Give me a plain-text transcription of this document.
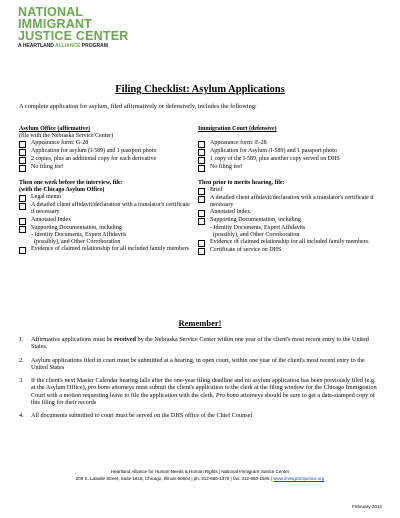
NATIONAL
IMMIGRANT
JUSTICE CENTER
A HEARTLAND ALLIANCE PROGRAM
Filing Checklist: Asylum Applications
A complete application for asylum, filed affirmatively or defensively, includes the following:
Asylum Office (affirmative)
(file with the Nebraska Service Center)
Appearance form: G-28
Application for asylum (I-589) and 1 passport photo
2 copies, plus an additional copy for each derivative
No filing fee!
Then one week before the interview, file:
(with the Chicago Asylum Office)
Legal memo
A detailed client affidavit/declaration with a translator's certificate if necessary
Annotated Index
Supporting Documentation, including
- Identity Documents, Expert Affidavits
(possibly), and Other Corroboration
Evidence of claimed relationship for all included family members
Immigration Court (defensive)
Appearance form: E-28
Application for Asylum (I-589) and 1 passport photo
1 copy of the I-589, plus another copy served on DHS
No filing fee!
Then prior to merits hearing, file:
Brief
A detailed client affidavit/declaration with a translator's certificate if necessary
Annotated Index
Supporting Documentation, including
- Identity Documents, Expert Affidavits
(possibly), and Other Corroboration
Evidence of claimed relationship for all included family members.
Certificate of service on DHS
Remember!
1.	Affirmative applications must be received by the Nebraska Service Center within one year of the client's most recent entry to the United States.
2.	Asylum applications filed in court must be submitted at a hearing, in open court, within one year of the client's most recent entry to the United States
3.	If the client's next Master Calendar hearing falls after the one-year filing deadline and no asylum application has been previously filed (e.g. at the Asylum Office), pro bono attorneys must submit the client's application to the clerk at the filing window for the Chicago Immigration Court with a motion requesting leave to file the application with the clerk. Pro bono attorneys should be sure to get a date-stamped copy of this filing for their records
4.	All documents submitted to court must be served on the DHS office of the Chief Counsel
Heartland Alliance for Human Needs & Human Rights | National Immigrant Justice Center
208 S. LaSalle Street, Suite 1818, Chicago, Illinois 60604 | ph: 312-660-1370 | fax: 312-660-1505 | www.immigrantjustice.org
February 2013
